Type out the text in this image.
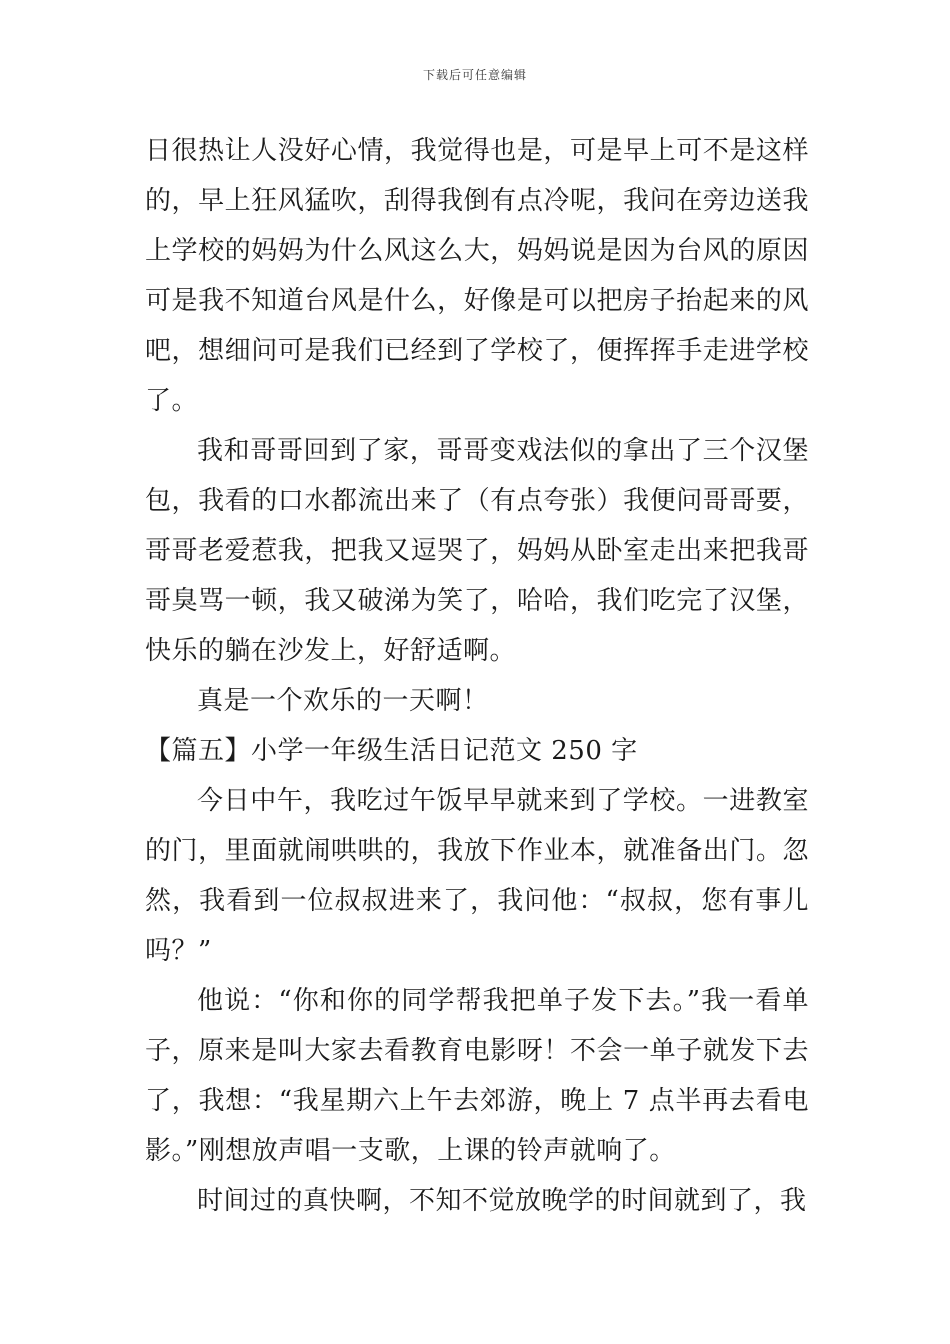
下载后可任意编辑

日很热让人没好心情，我觉得也是，可是早上可不是这样的，早上狂风猛吹，刮得我倒有点冷呢，我问在旁边送我上学校的妈妈为什么风这么大，妈妈说是因为台风的原因可是我不知道台风是什么，好像是可以把房子抬起来的风吧，想细问可是我们已经到了学校了，便挥挥手走进学校了。

我和哥哥回到了家，哥哥变戏法似的拿出了三个汉堡包，我看的口水都流出来了（有点夸张）我便问哥哥要，哥哥老爱惹我，把我又逗哭了，妈妈从卧室走出来把我哥哥臭骂一顿，我又破涕为笑了，哈哈，我们吃完了汉堡，快乐的躺在沙发上，好舒适啊。

真是一个欢乐的一天啊！

【篇五】小学一年级生活日记范文 250 字

今日中午，我吃过午饭早早就来到了学校。一进教室的门，里面就闹哄哄的，我放下作业本，就准备出门。忽然，我看到一位叔叔进来了，我问他：“叔叔，您有事儿吗？”

他说：“你和你的同学帮我把单子发下去。”我一看单子，原来是叫大家去看教育电影呀！不会一单子就发下去了，我想：“我星期六上午去郊游，晚上 7 点半再去看电影。”刚想放声唱一支歌，上课的铃声就响了。

时间过的真快啊，不知不觉放晚学的时间就到了，我
